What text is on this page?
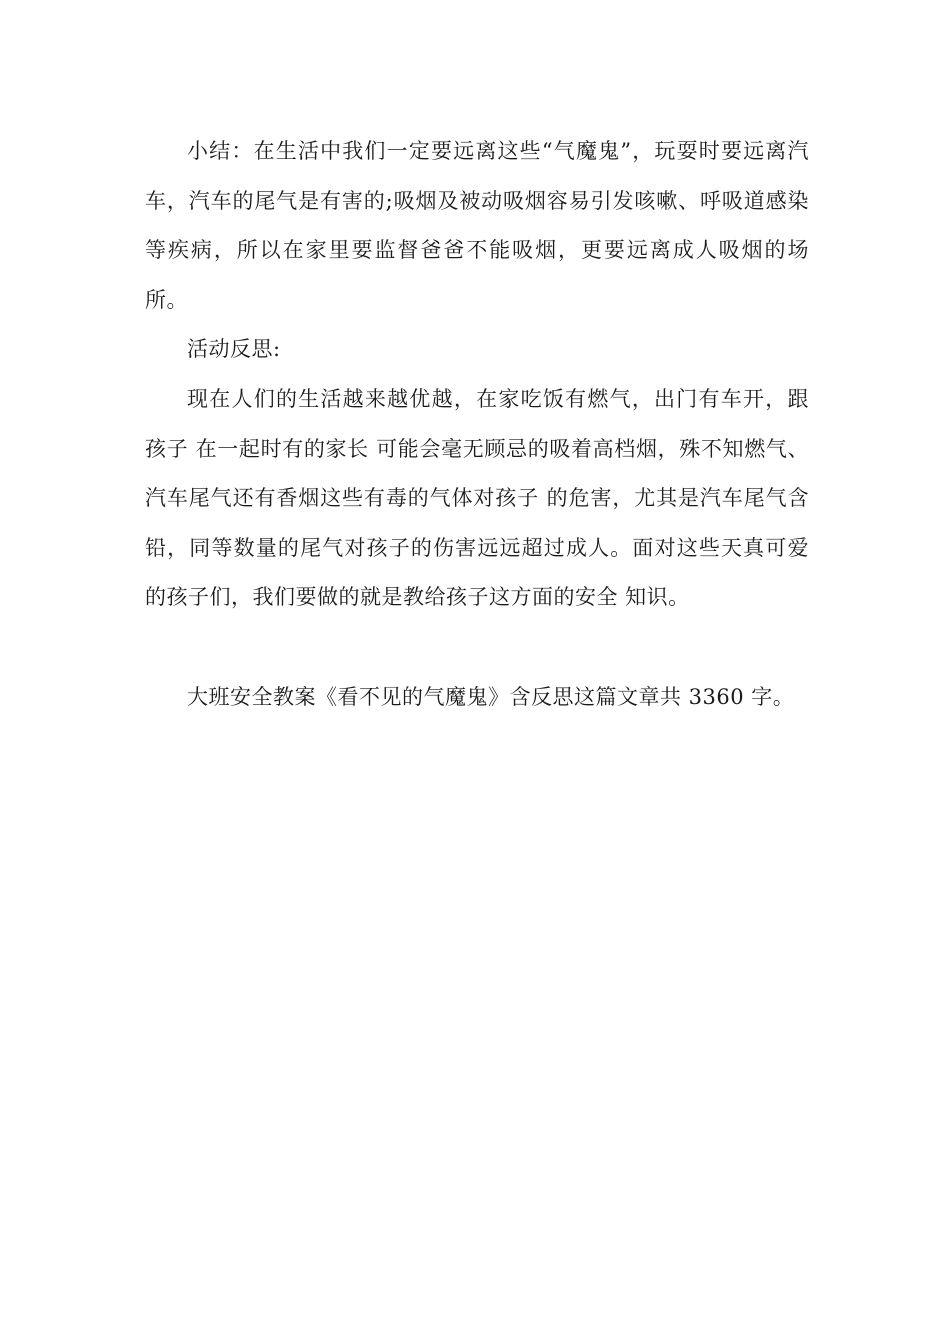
小结：在生活中我们一定要远离这些“气魔鬼”，玩耍时要远离汽车，汽车的尾气是有害的;吸烟及被动吸烟容易引发咳嗽、呼吸道感染等疾病，所以在家里要监督爸爸不能吸烟，更要远离成人吸烟的场所。

活动反思:

现在人们的生活越来越优越，在家吃饭有燃气，出门有车开，跟孩子 在一起时有的家长 可能会毫无顾忌的吸着高档烟，殊不知燃气、汽车尾气还有香烟这些有毒的气体对孩子 的危害，尤其是汽车尾气含铅，同等数量的尾气对孩子的伤害远远超过成人。面对这些天真可爱的孩子们，我们要做的就是教给孩子这方面的安全 知识。

大班安全教案《看不见的气魔鬼》含反思这篇文章共 3360 字。
